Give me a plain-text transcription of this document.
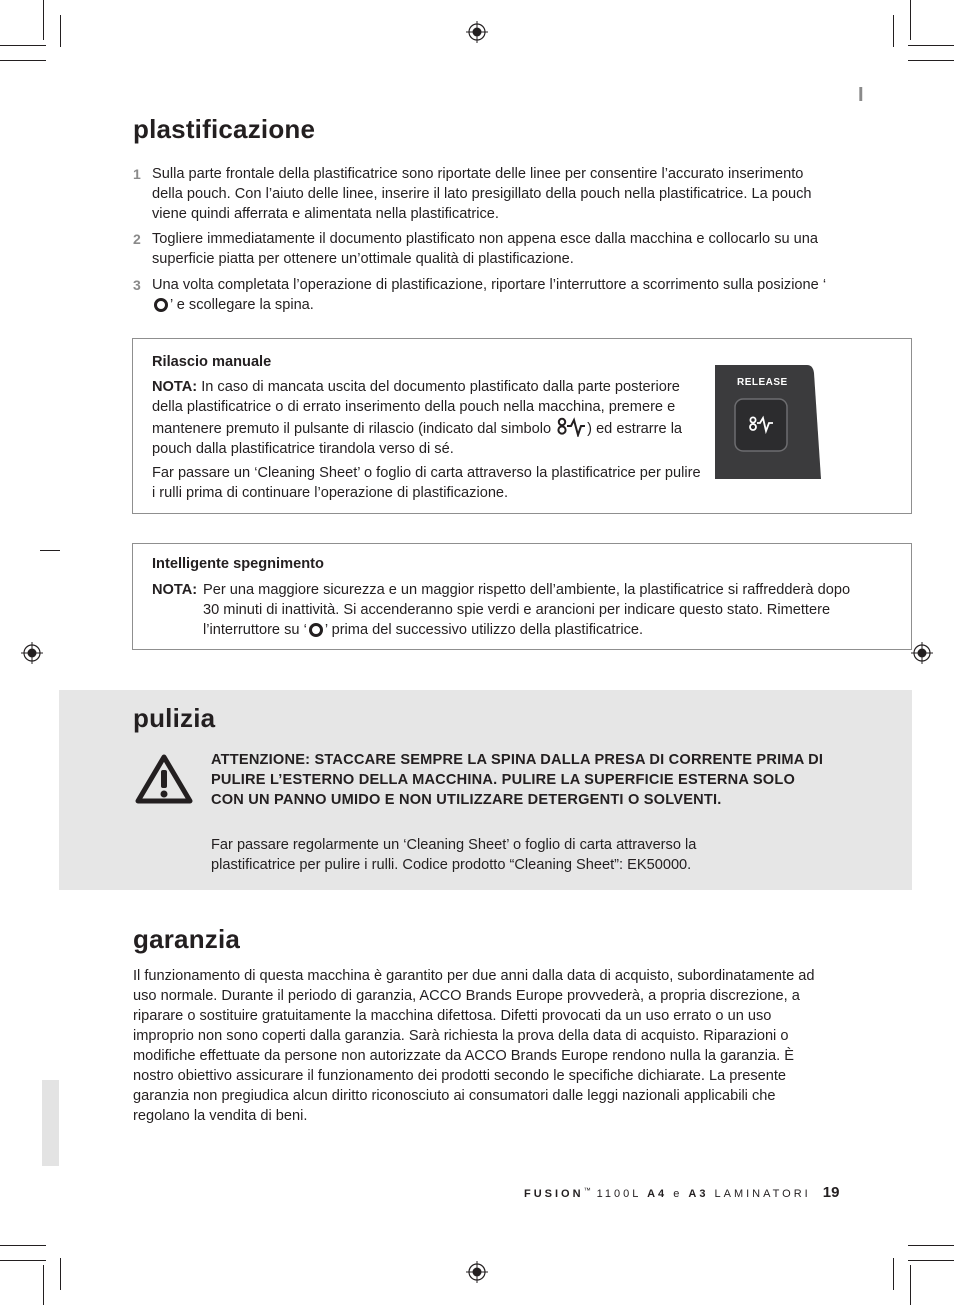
I
plastificazione
1 Sulla parte frontale della plastificatrice sono riportate delle linee per consentire l’accurato inserimento della pouch. Con l’aiuto delle linee, inserire il lato presigillato della pouch nella plastificatrice. La pouch viene quindi afferrata e alimentata nella plastificatrice.
2 Togliere immediatamente il documento plastificato non appena esce dalla macchina e collocarlo su una superficie piatta per ottenere un’ottimale qualità di plastificazione.
3 Una volta completata l’operazione di plastificazione, riportare l’interruttore a scorrimento sulla posizione ‘’ e scollegare la spina.
Rilascio manuale
NOTA: In caso di mancata uscita del documento plastificato dalla parte posteriore della plastificatrice o di errato inserimento della pouch nella macchina, premere e mantenere premuto il pulsante di rilascio (indicato dal simbolo ) ed estrarre la pouch dalla plastificatrice tirandola verso di sé.
Far passare un ‘Cleaning Sheet’ o foglio di carta attraverso la plastificatrice per pulire i rulli prima di continuare l’operazione di plastificazione.
RELEASE
Intelligente spegnimento
NOTA: Per una maggiore sicurezza e un maggior rispetto dell’ambiente, la plastificatrice si raffredderà dopo 30 minuti di inattività. Si accenderanno spie verdi e arancioni per indicare questo stato. Rimettere l’interruttore su ‘ ’ prima del successivo utilizzo della plastificatrice.
pulizia
ATTENZIONE: STACCARE SEMPRE LA SPINA DALLA PRESA DI CORRENTE PRIMA DI PULIRE L’ESTERNO DELLA MACCHINA. PULIRE LA SUPERFICIE ESTERNA SOLO CON UN PANNO UMIDO E NON UTILIZZARE DETERGENTI O SOLVENTI.
Far passare regolarmente un ‘Cleaning Sheet’ o foglio di carta attraverso la plastificatrice per pulire i rulli. Codice prodotto “Cleaning Sheet”: EK50000.
garanzia
Il funzionamento di questa macchina è garantito per due anni dalla data di acquisto, subordinatamente ad uso normale. Durante il periodo di garanzia, ACCO Brands Europe provvederà, a propria discrezione, a riparare o sostituire gratuitamente la macchina difettosa. Difetti provocati da un uso errato o un uso improprio non sono coperti dalla garanzia. Sarà richiesta la prova della data di acquisto. Riparazioni o modifiche effettuate da persone non autorizzate da ACCO Brands Europe rendono nulla la garanzia. È nostro obiettivo assicurare il funzionamento dei prodotti secondo le specifiche dichiarate. La presente garanzia non pregiudica alcun diritto riconosciuto ai consumatori dalle leggi nazionali applicabili che regolano la vendita di beni.
FUSION™ 1100L A4 e A3 LAMINATORI 19
